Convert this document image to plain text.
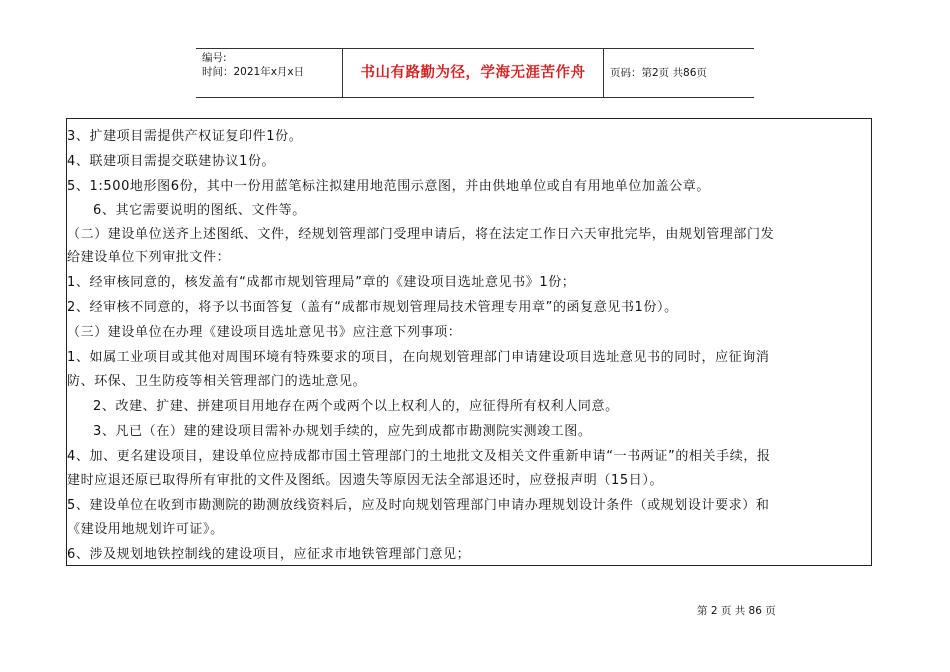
编号:
时间：2021年x月x日	书山有路勤为径，学海无涯苦作舟	页码：第2页 共86页
3、扩建项目需提供产权证复印件1份。
4、联建项目需提交联建协议1份。
5、1:500地形图6份，其中一份用蓝笔标注拟建用地范围示意图，并由供地单位或自有用地单位加盖公章。
6、其它需要说明的图纸、文件等。
（二）建设单位送齐上述图纸、文件，经规划管理部门受理申请后，将在法定工作日六天审批完毕，由规划管理部门发
给建设单位下列审批文件：
1、经审核同意的，核发盖有“成都市规划管理局”章的《建设项目选址意见书》1份；
2、经审核不同意的，将予以书面答复（盖有“成都市规划管理局技术管理专用章”的函复意见书1份）。
（三）建设单位在办理《建设项目选址意见书》应注意下列事项：
1、如属工业项目或其他对周围环境有特殊要求的项目，在向规划管理部门申请建设项目选址意见书的同时，应征询消
防、环保、卫生防疫等相关管理部门的选址意见。
2、改建、扩建、拼建项目用地存在两个或两个以上权利人的，应征得所有权利人同意。
3、凡已（在）建的建设项目需补办规划手续的，应先到成都市勘测院实测竣工图。
4、加、更名建设项目，建设单位应持成都市国土管理部门的土地批文及相关文件重新申请“一书两证”的相关手续，报
建时应退还原已取得所有审批的文件及图纸。因遗失等原因无法全部退还时，应登报声明（15日）。
5、建设单位在收到市勘测院的勘测放线资料后，应及时向规划管理部门申请办理规划设计条件（或规划设计要求）和
《建设用地规划许可证》。
6、涉及规划地铁控制线的建设项目，应征求市地铁管理部门意见；
第 2 页 共 86 页
